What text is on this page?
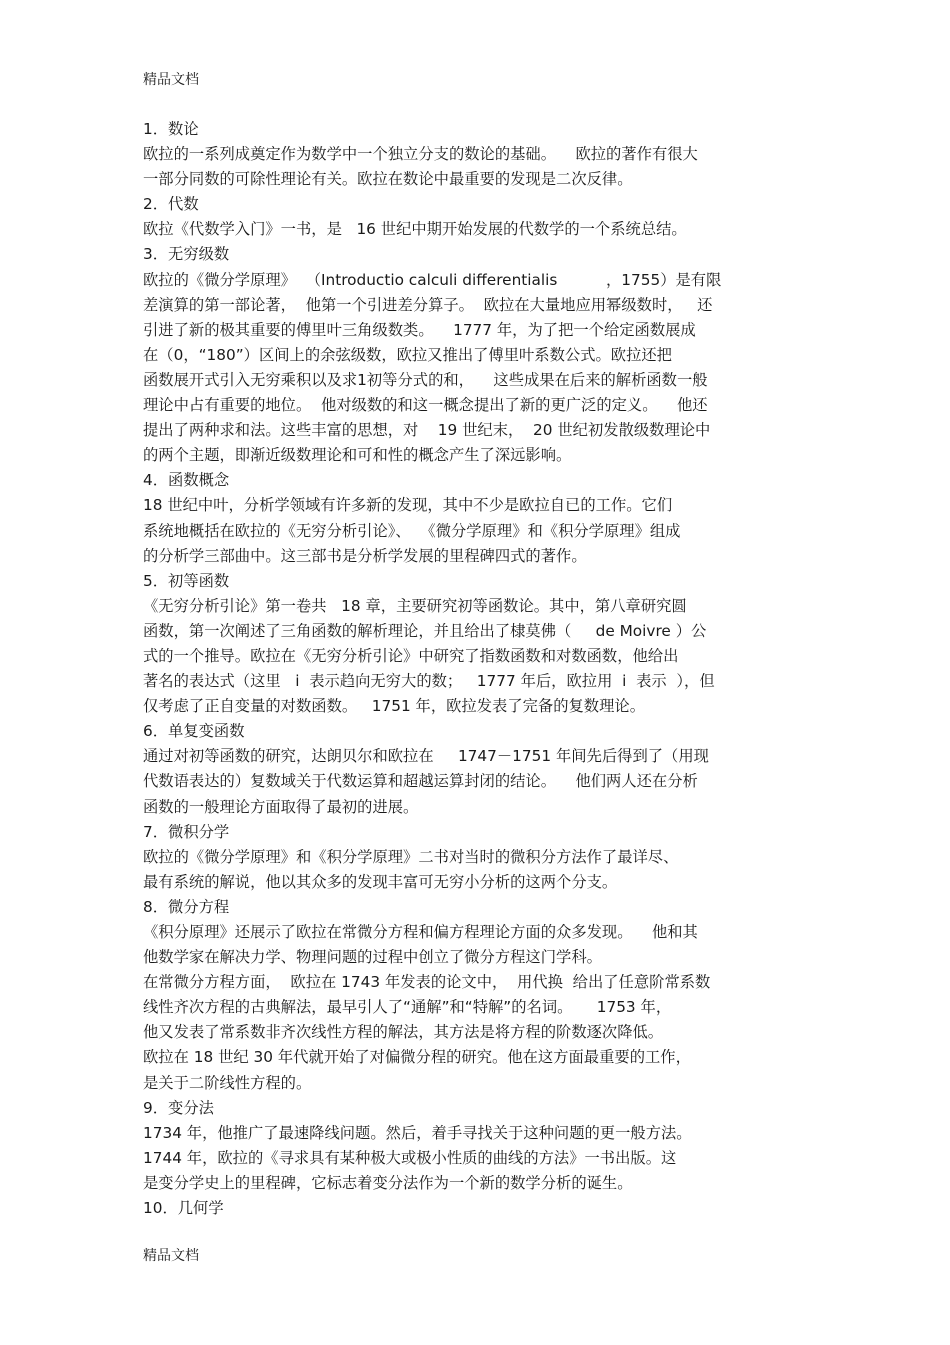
精品文档
1．数论
欧拉的一系列成奠定作为数学中一个独立分支的数论的基础。    欧拉的著作有很大
一部分同数的可除性理论有关。欧拉在数论中最重要的发现是二次反律。
2．代数
欧拉《代数学入门》一书，是   16 世纪中期开始发展的代数学的一个系统总结。
3．无穷级数
欧拉的《微分学原理》  （Introductio calculi differentialis          ，1755）是有限
差演算的第一部论著，  他第一个引进差分算子。  欧拉在大量地应用幂级数时，   还
引进了新的极其重要的傅里叶三角级数类。    1777 年，为了把一个给定函数展成
在（0，“180”）区间上的余弦级数，欧拉又推出了傅里叶系数公式。欧拉还把
函数展开式引入无穷乘积以及求1初等分式的和，    这些成果在后来的解析函数一般
理论中占有重要的地位。  他对级数的和这一概念提出了新的更广泛的定义。    他还
提出了两种求和法。这些丰富的思想，对    19 世纪末，  20 世纪初发散级数理论中
的两个主题，即渐近级数理论和可和性的概念产生了深远影响。
4．函数概念
18 世纪中叶，分析学领域有许多新的发现，其中不少是欧拉自已的工作。它们
系统地概括在欧拉的《无穷分析引论》、  《微分学原理》和《积分学原理》组成
的分析学三部曲中。这三部书是分析学发展的里程碑四式的著作。
5．初等函数
《无穷分析引论》第一卷共   18 章，主要研究初等函数论。其中，第八章研究圆
函数，第一次阐述了三角函数的解析理论，并且给出了棣莫佛（     de Moivre ）公
式的一个推导。欧拉在《无穷分析引论》中研究了指数函数和对数函数，他给出
著名的表达式（这里   i  表示趋向无穷大的数；   1777 年后，欧拉用  i  表示  ），但
仅考虑了正自变量的对数函数。   1751 年，欧拉发表了完备的复数理论。
6．单复变函数
通过对初等函数的研究，达朗贝尔和欧拉在     1747－1751 年间先后得到了（用现
代数语表达的）复数域关于代数运算和超越运算封闭的结论。    他们两人还在分析
函数的一般理论方面取得了最初的进展。
7．微积分学
欧拉的《微分学原理》和《积分学原理》二书对当时的微积分方法作了最详尽、
最有系统的解说，他以其众多的发现丰富可无穷小分析的这两个分支。
8．微分方程
《积分原理》还展示了欧拉在常微分方程和偏方程理论方面的众多发现。    他和其
他数学家在解决力学、物理问题的过程中创立了微分方程这门学科。
在常微分方程方面，  欧拉在 1743 年发表的论文中，  用代换  给出了任意阶常系数
线性齐次方程的古典解法，最早引人了“通解”和“特解”的名词。     1753 年，
他又发表了常系数非齐次线性方程的解法，其方法是将方程的阶数逐次降低。
欧拉在 18 世纪 30 年代就开始了对偏微分程的研究。他在这方面最重要的工作，
是关于二阶线性方程的。
9．变分法
1734 年，他推广了最速降线问题。然后，着手寻找关于这种问题的更一般方法。
1744 年，欧拉的《寻求具有某种极大或极小性质的曲线的方法》一书出版。这
是变分学史上的里程碑，它标志着变分法作为一个新的数学分析的诞生。
10．几何学
精品文档
